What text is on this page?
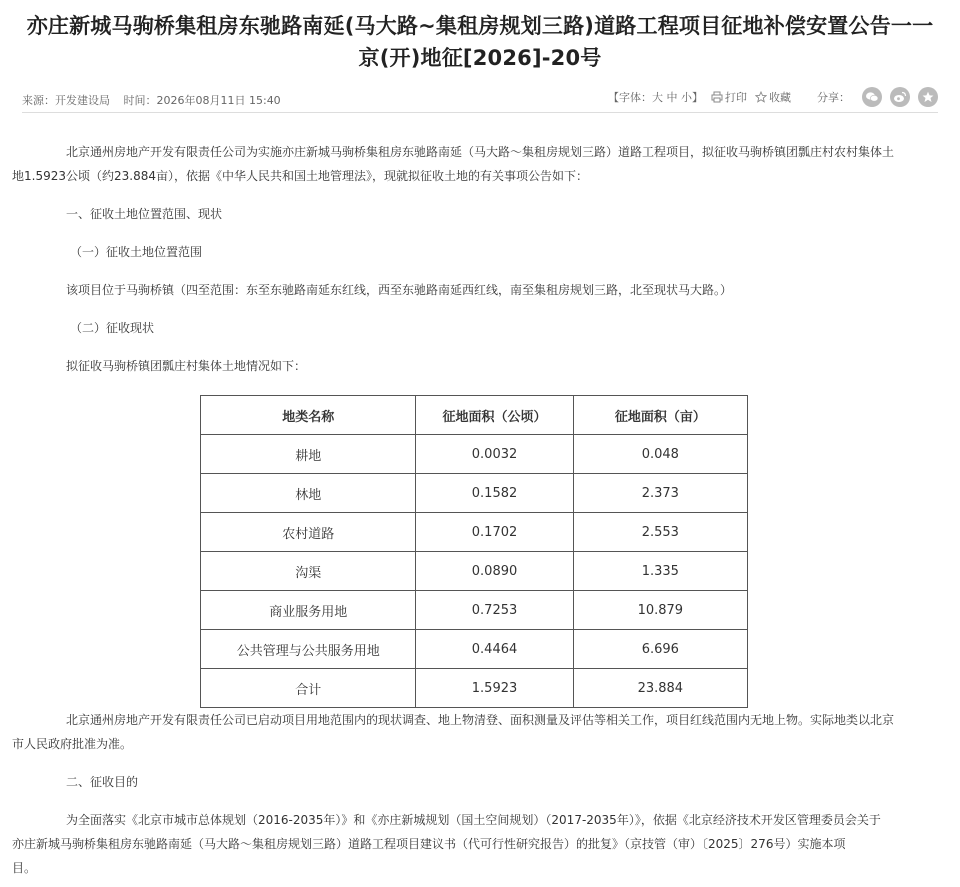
亦庄新城马驹桥集租房东驰路南延(马大路~集租房规划三路)道路工程项目征地补偿安置公告一一
京(开)地征[2026]-20号
来源：开发建设局 时间：2026年08月11日 15:40	【字体：大 中 小】 打印 收藏 分享：

北京通州房地产开发有限责任公司为实施亦庄新城马驹桥集租房东驰路南延（马大路～集租房规划三路）道路工程项目，拟征收马驹桥镇团瓢庄村农村集体土

地1.5923公顷（约23.884亩），依据《中华人民共和国土地管理法》，现就拟征收土地的有关事项公告如下：

一、征收土地位置范围、现状

（一）征收土地位置范围

该项目位于马驹桥镇（四至范围：东至东驰路南延东红线，西至东驰路南延西红线，南至集租房规划三路，北至现状马大路。）

（二）征收现状

拟征收马驹桥镇团瓢庄村集体土地情况如下：

地类名称	征地面积（公顷）	征地面积（亩）
耕地	0.0032	0.048
林地	0.1582	2.373
农村道路	0.1702	2.553
沟渠	0.0890	1.335
商业服务用地	0.7253	10.879
公共管理与公共服务用地	0.4464	6.696
合计	1.5923	23.884

北京通州房地产开发有限责任公司已启动项目用地范围内的现状调查、地上物清登、面积测量及评估等相关工作，项目红线范围内无地上物。实际地类以北京

市人民政府批准为准。

二、征收目的

为全面落实《北京市城市总体规划（2016-2035年）》和《亦庄新城规划（国土空间规划）（2017-2035年）》，依据《北京经济技术开发区管理委员会关于

亦庄新城马驹桥集租房东驰路南延（马大路～集租房规划三路）道路工程项目建议书（代可行性研究报告）的批复》（京技管（审）〔2025〕276号）实施本项

目。
